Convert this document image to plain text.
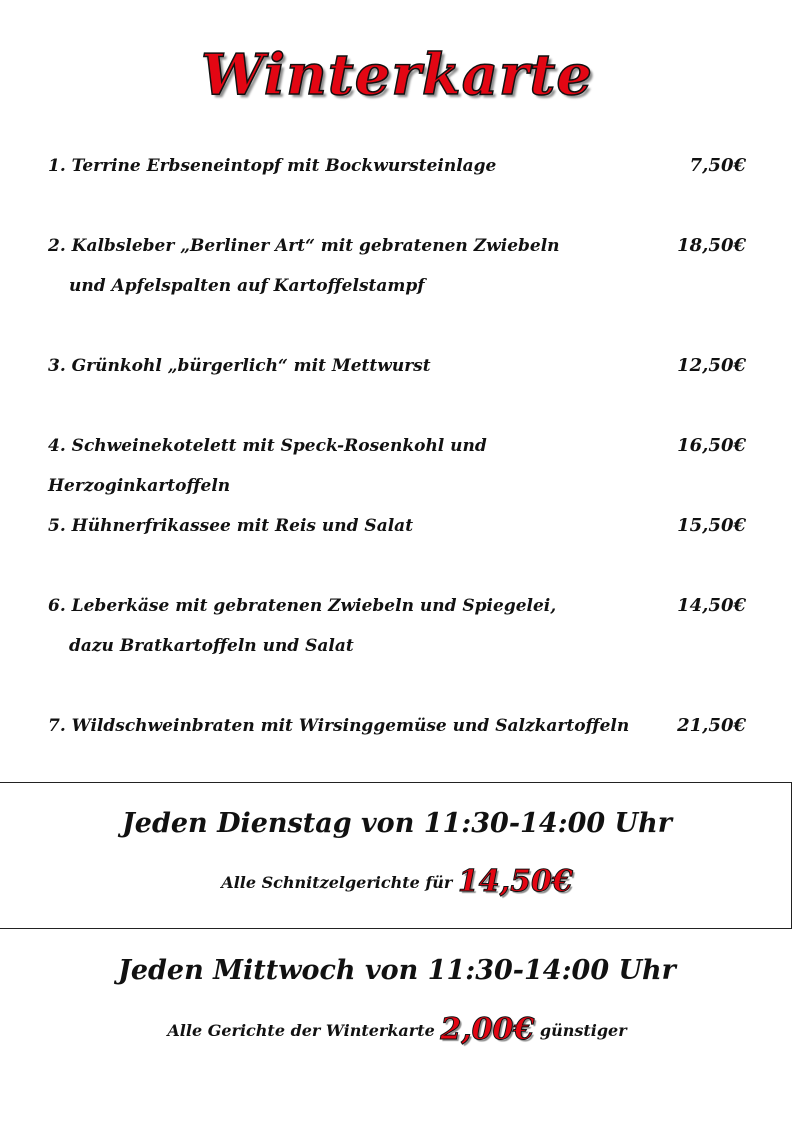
Winterkarte
1. Terrine Erbseneintopf mit Bockwursteinlage	7,50€
2. Kalbsleber „Berliner Art“ mit gebratenen Zwiebeln
und Apfelspalten auf Kartoffelstampf
18,50€
3. Grünkohl „bürgerlich“ mit Mettwurst	12,50€
4. Schweinekotelett mit Speck-Rosenkohl und Herzoginkartoffeln
16,50€
5. Hühnerfrikassee mit Reis und Salat	15,50€
6. Leberkäse mit gebratenen Zwiebeln und Spiegelei,
dazu Bratkartoffeln und Salat
14,50€
7. Wildschweinbraten mit Wirsinggemüse und Salzkartoffeln	21,50€
Jeden Dienstag von 11:30-14:00 Uhr
Alle Schnitzelgerichte für 14,50€
Jeden Mittwoch von 11:30-14:00 Uhr
Alle Gerichte der Winterkarte 2,00€ günstiger
